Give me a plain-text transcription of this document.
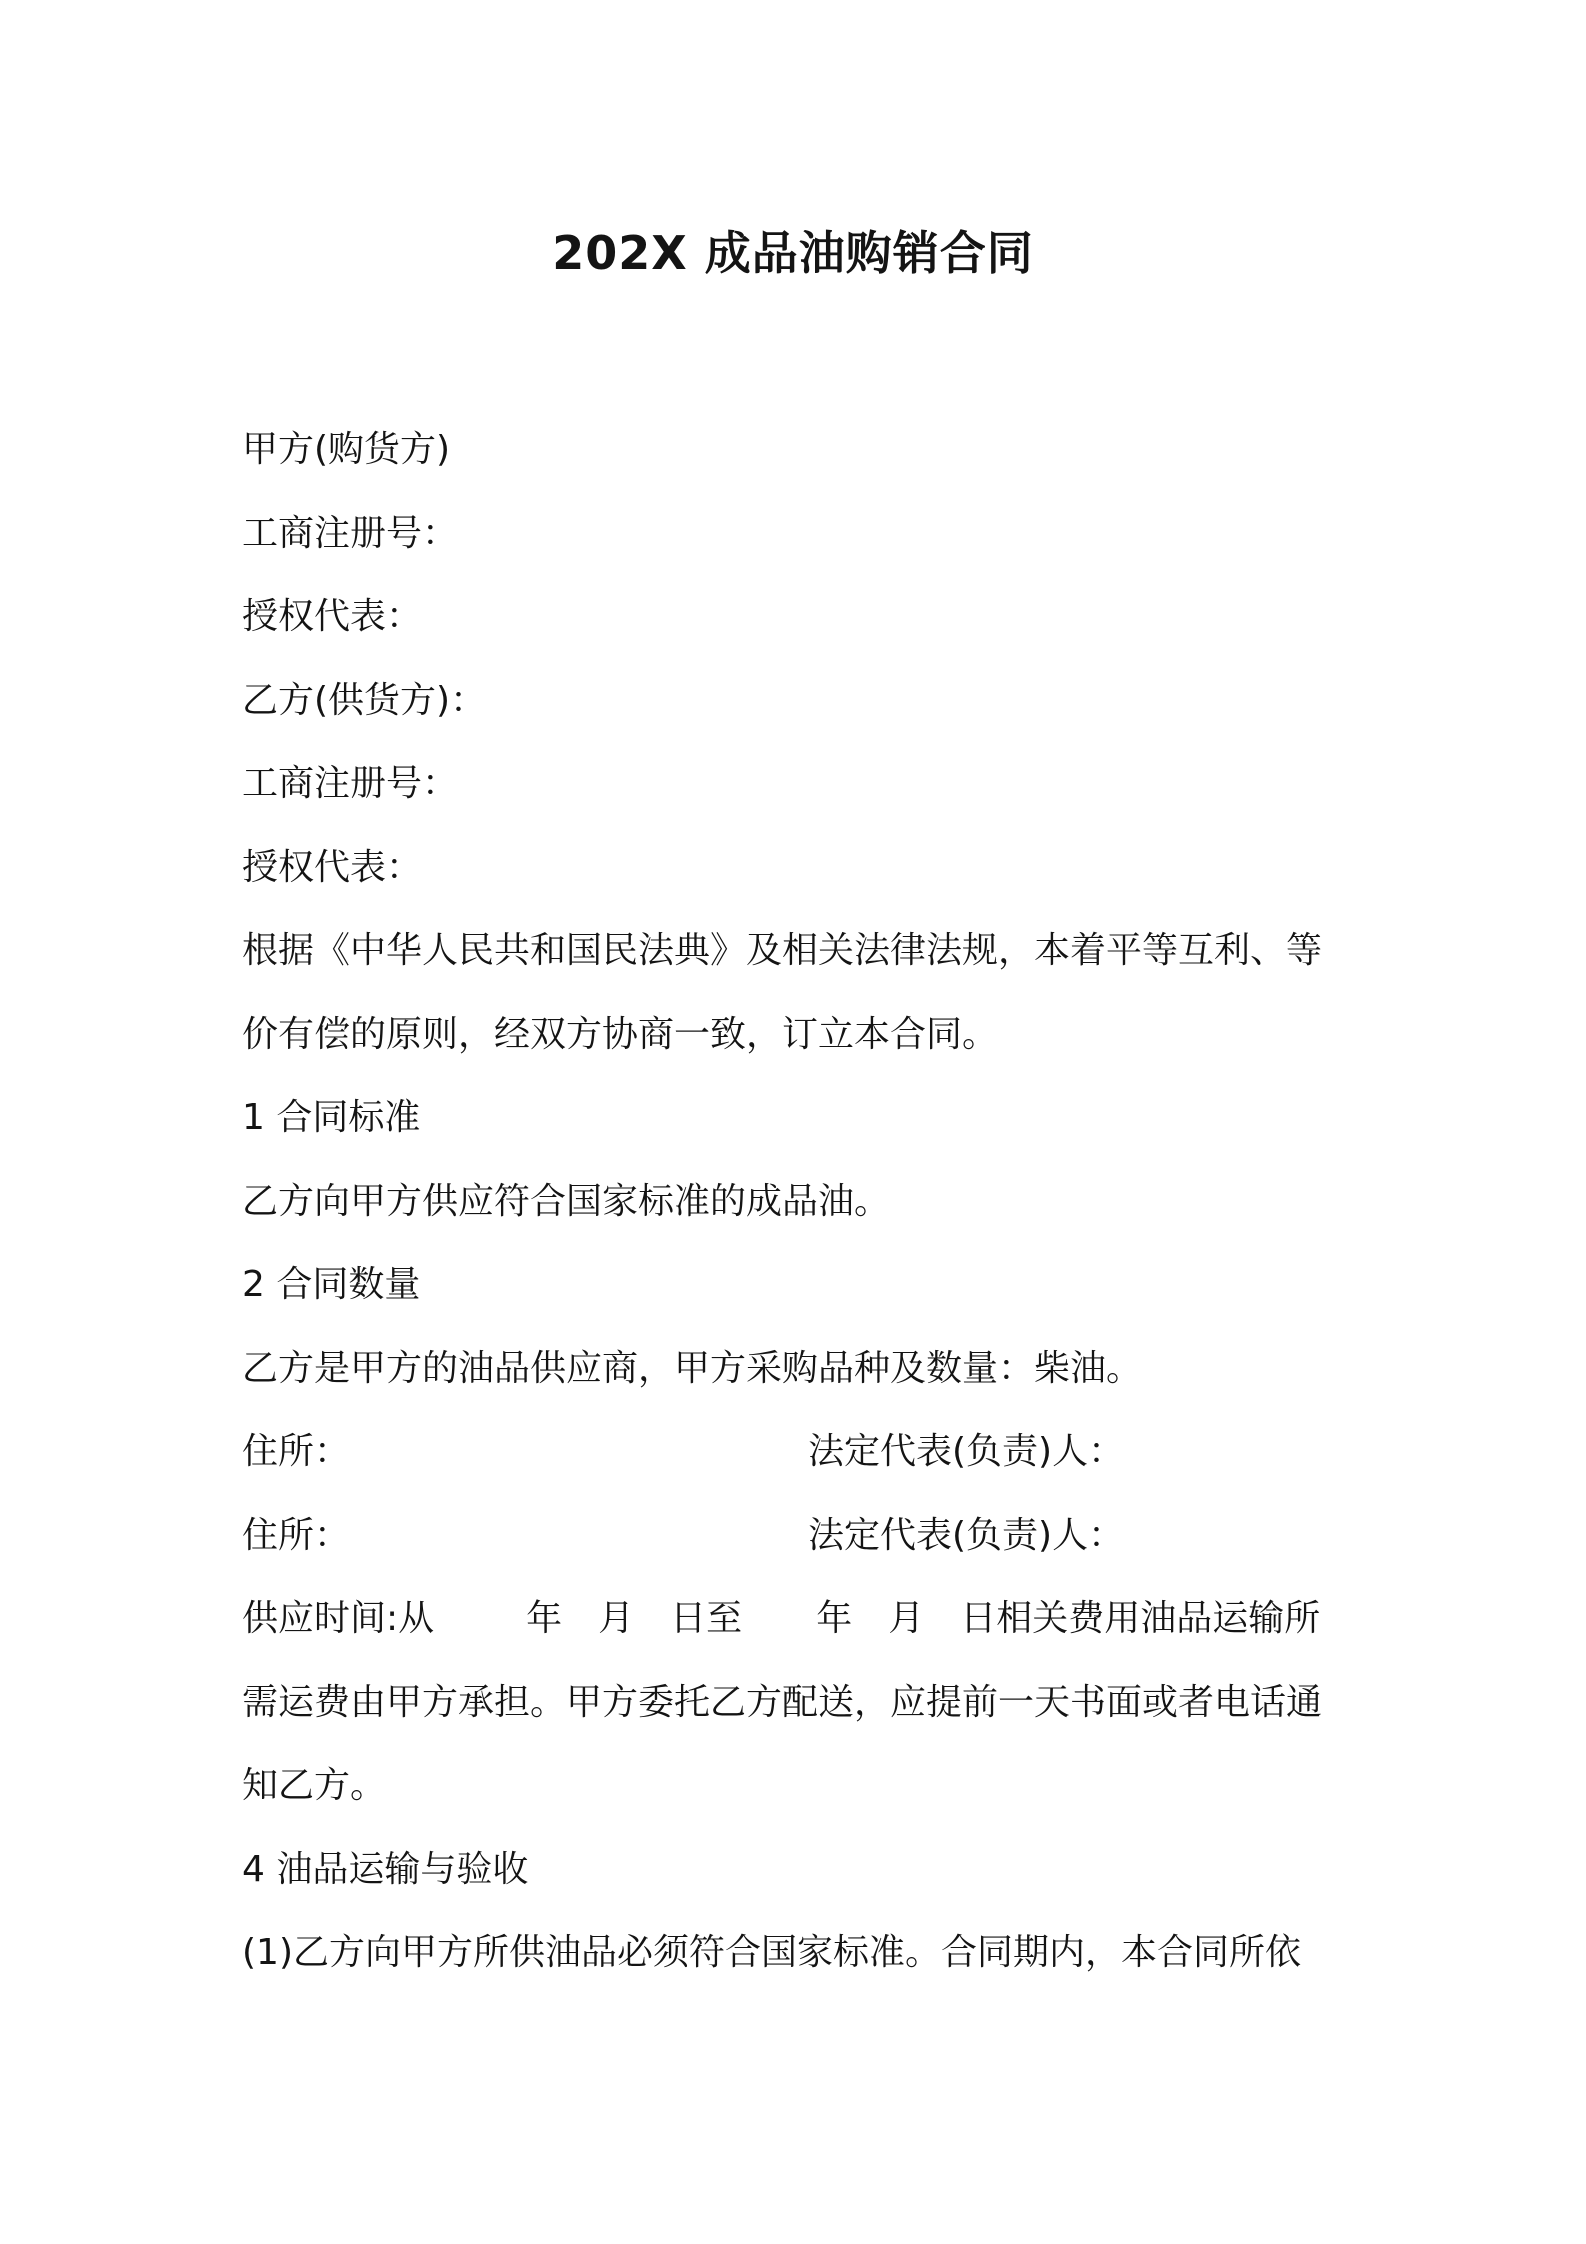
202X 成品油购销合同
甲方(购货方)
工商注册号：
授权代表：
乙方(供货方)：
工商注册号：
授权代表：
根据《中华人民共和国民法典》及相关法律法规，本着平等互利、等
价有偿的原则，经双方协商一致，订立本合同。
1 合同标准
乙方向甲方供应符合国家标准的成品油。
2 合同数量
乙方是甲方的油品供应商，甲方采购品种及数量：柴油。
住所：	法定代表(负责)人：
住所：	法定代表(负责)人：
供应时间:从	年 月 日至 年 月 日相关费用油品运输所
需运费由甲方承担。甲方委托乙方配送，应提前一天书面或者电话通
知乙方。
4 油品运输与验收
(1)乙方向甲方所供油品必须符合国家标准。合同期内，本合同所依
